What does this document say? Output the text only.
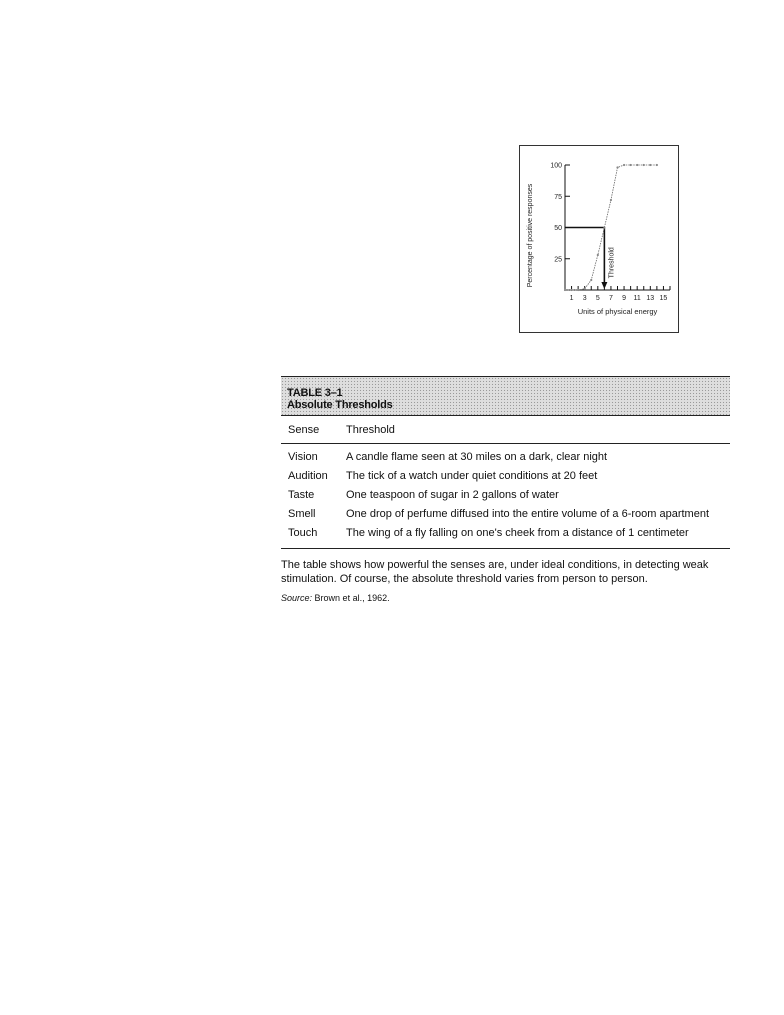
25
50
75
100
1 3 5 7 9 11 13 15
Units of physical energy
Percentage of positive responses	Threshold
TABLE 3–1
Absolute Thresholds
Sense	Threshold
Vision	A candle flame seen at 30 miles on a dark, clear night
Audition	The tick of a watch under quiet conditions at 20 feet
Taste	One teaspoon of sugar in 2 gallons of water
Smell	One drop of perfume diffused into the entire volume of a 6-room apartment
Touch	The wing of a fly falling on one's cheek from a distance of 1 centimeter
The table shows how powerful the senses are, under ideal conditions, in detecting weak stimulation. Of course, the absolute threshold varies from person to person.
Source: Brown et al., 1962.
